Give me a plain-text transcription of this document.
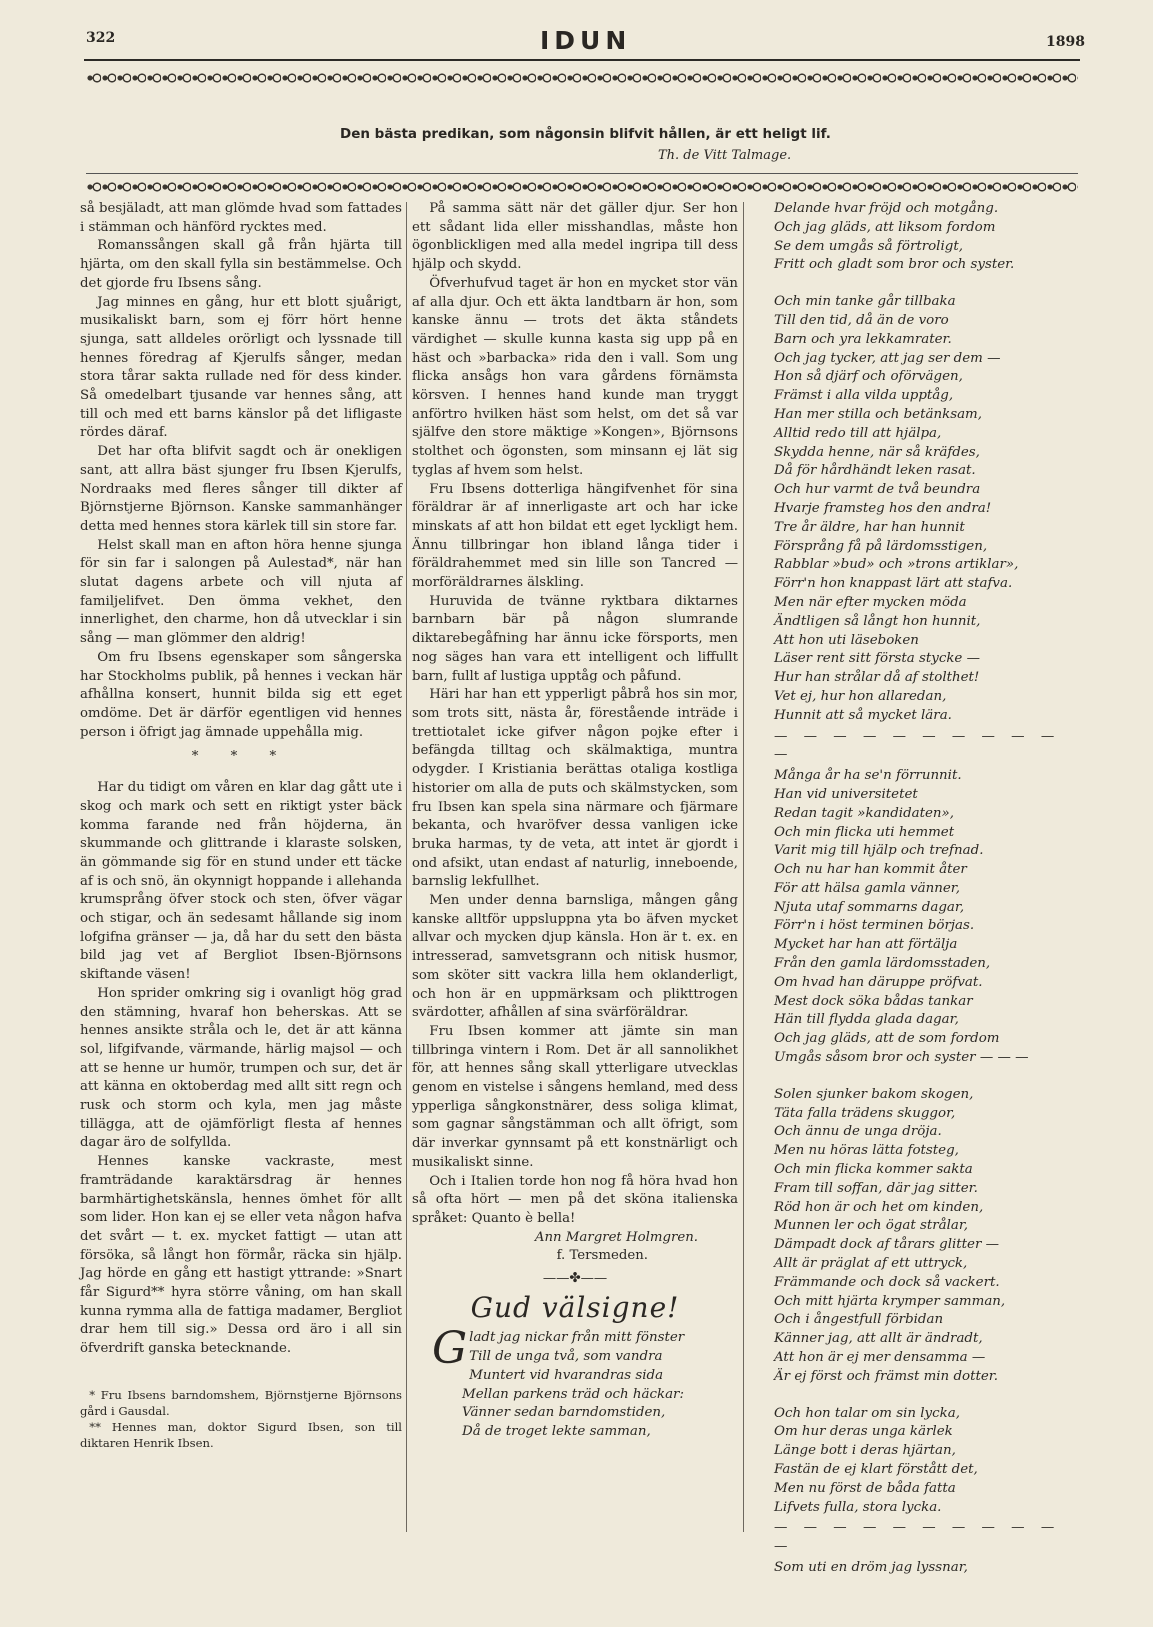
322	IDUN	1898
Den bästa predikan, som någonsin blifvit hållen, är ett heligt lif.
Th. de Vitt Talmage.

så besjäladt, att man glömde hvad som fattades i stämman och hänförd rycktes med.

Romanssången skall gå från hjärta till hjärta, om den skall fylla sin bestämmelse. Och det gjorde fru Ibsens sång.

Jag minnes en gång, hur ett blott sjuårigt, musikaliskt barn, som ej förr hört henne sjunga, satt alldeles orörligt och lyssnade till hennes föredrag af Kjerulfs sånger, medan stora tårar sakta rullade ned för dess kinder. Så omedelbart tjusande var hennes sång, att till och med ett barns känslor på det lifligaste rördes däraf.

Det har ofta blifvit sagdt och är onekligen sant, att allra bäst sjunger fru Ibsen Kjerulfs, Nordraaks med fleres sånger till dikter af Björnstjerne Björnson. Kanske sammanhänger detta med hennes stora kärlek till sin store far.

Helst skall man en afton höra henne sjunga för sin far i salongen på Aulestad*, när han slutat dagens arbete och vill njuta af familjelifvet. Den ömma vekhet, den innerlighet, den charme, hon då utvecklar i sin sång — man glömmer den aldrig!

Om fru Ibsens egenskaper som sångerska har Stockholms publik, på hennes i veckan här afhållna konsert, hunnit bilda sig ett eget omdöme. Det är därför egentligen vid hennes person i öfrigt jag ämnade uppehålla mig.

* * *

Har du tidigt om våren en klar dag gått ute i skog och mark och sett en riktigt yster bäck komma farande ned från höjderna, än skummande och glittrande i klaraste solsken, än gömmande sig för en stund under ett täcke af is och snö, än okynnigt hoppande i allehanda krumsprång öfver stock och sten, öfver vägar och stigar, och än sedesamt hållande sig inom lofgifna gränser — ja, då har du sett den bästa bild jag vet af Bergliot Ibsen-Björnsons skiftande väsen!

Hon sprider omkring sig i ovanligt hög grad den stämning, hvaraf hon beherskas. Att se hennes ansikte stråla och le, det är att känna sol, lifgifvande, värmande, härlig majsol — och att se henne ur humör, trumpen och sur, det är att känna en oktoberdag med allt sitt regn och rusk och storm och kyla, men jag måste tillägga, att de ojämförligt flesta af hennes dagar äro de solfyllda.

Hennes kanske vackraste, mest framträdande karaktärsdrag är hennes barmhärtighetskänsla, hennes ömhet för allt som lider. Hon kan ej se eller veta någon hafva det svårt — t. ex. mycket fattigt — utan att försöka, så långt hon förmår, räcka sin hjälp. Jag hörde en gång ett hastigt yttrande: »Snart får Sigurd** hyra större våning, om han skall kunna rymma alla de fattiga madamer, Bergliot drar hem till sig.» Dessa ord äro i all sin öfverdrift ganska betecknande.

* Fru Ibsens barndomshem, Björnstjerne Björnsons gård i Gausdal.

** Hennes man, doktor Sigurd Ibsen, son till diktaren Henrik Ibsen.

På samma sätt när det gäller djur. Ser hon ett sådant lida eller misshandlas, måste hon ögonblickligen med alla medel ingripa till dess hjälp och skydd.

Öfverhufvud taget är hon en mycket stor vän af alla djur. Och ett äkta landtbarn är hon, som kanske ännu — trots det äkta ståndets värdighet — skulle kunna kasta sig upp på en häst och »barbacka» rida den i vall. Som ung flicka ansågs hon vara gårdens förnämsta körsven. I hennes hand kunde man tryggt anförtro hvilken häst som helst, om det så var själfve den store mäktige »Kongen», Björnsons stolthet och ögonsten, som minsann ej lät sig tyglas af hvem som helst.

Fru Ibsens dotterliga hängifvenhet för sina föräldrar är af innerligaste art och har icke minskats af att hon bildat ett eget lyckligt hem. Ännu tillbringar hon ibland långa tider i föräldrahemmet med sin lille son Tancred — morföräldrarnes älskling.

Huruvida de tvänne ryktbara diktarnes barnbarn bär på någon slumrande diktarebegåfning har ännu icke försports, men nog säges han vara ett intelligent och liffullt barn, fullt af lustiga upptåg och påfund.

Häri har han ett ypperligt påbrå hos sin mor, som trots sitt, nästa år, förestående inträde i trettiotalet icke gifver någon pojke efter i befängda tilltag och skälmaktiga, muntra odygder. I Kristiania berättas otaliga kostliga historier om alla de puts och skälmstycken, som fru Ibsen kan spela sina närmare och fjärmare bekanta, och hvaröfver dessa vanligen icke bruka harmas, ty de veta, att intet är gjordt i ond afsikt, utan endast af naturlig, inneboende, barnslig lekfullhet.

Men under denna barnsliga, mången gång kanske alltför uppsluppna yta bo äfven mycket allvar och mycken djup känsla. Hon är t. ex. en intresserad, samvetsgrann och nitisk husmor, som sköter sitt vackra lilla hem oklanderligt, och hon är en uppmärksam och plikttrogen svärdotter, afhållen af sina svärföräldrar.

Fru Ibsen kommer att jämte sin man tillbringa vintern i Rom. Det är all sannolikhet för, att hennes sång skall ytterligare utvecklas genom en vistelse i sångens hemland, med dess ypperliga sångkonstnärer, dess soliga klimat, som gagnar sångstämman och allt öfrigt, som där inverkar gynnsamt på ett konstnärligt och musikaliskt sinne.

Och i Italien torde hon nog få höra hvad hon så ofta hört — men på det sköna italienska språket: Quanto è bella!

Ann Margret Holmgren.
f. Tersmeden.
——✤——
Gud välsigne!
G ladt jag nickar från mitt fönster
Till de unga två, som vandra
Muntert vid hvarandras sida
Mellan parkens träd och häckar:
Vänner sedan barndomstiden,
Då de troget lekte samman,
Delande hvar fröjd och motgång.
Och jag gläds, att liksom fordom
Se dem umgås så förtroligt,
Fritt och gladt som bror och syster.
Och min tanke går tillbaka
Till den tid, då än de voro
Barn och yra lekkamrater.
Och jag tycker, att jag ser dem —
Hon så djärf och oförvägen,
Främst i alla vilda upptåg,
Han mer stilla och betänksam,
Alltid redo till att hjälpa,
Skydda henne, när så kräfdes,
Då för hårdhändt leken rasat.
Och hur varmt de två beundra
Hvarje framsteg hos den andra!
Tre år äldre, har han hunnit
Försprång få på lärdomsstigen,
Rabblar »bud» och »trons artiklar»,
Förr'n hon knappast lärt att stafva.
Men när efter mycken möda
Ändtligen så långt hon hunnit,
Att hon uti läseboken
Läser rent sitt första stycke —
Hur han strålar då af stolthet!
Vet ej, hur hon allaredan,
Hunnit att så mycket lära.
— — — — — — — — — — —
Många år ha se'n förrunnit.
Han vid universitetet
Redan tagit »kandidaten»,
Och min flicka uti hemmet
Varit mig till hjälp och trefnad.
Och nu har han kommit åter
För att hälsa gamla vänner,
Njuta utaf sommarns dagar,
Förr'n i höst terminen börjas.
Mycket har han att förtälja
Från den gamla lärdomsstaden,
Om hvad han däruppe pröfvat.
Mest dock söka bådas tankar
Hän till flydda glada dagar,
Och jag gläds, att de som fordom
Umgås såsom bror och syster — — —
Solen sjunker bakom skogen,
Täta falla trädens skuggor,
Och ännu de unga dröja.
Men nu höras lätta fotsteg,
Och min flicka kommer sakta
Fram till soffan, där jag sitter.
Röd hon är och het om kinden,
Munnen ler och ögat strålar,
Dämpadt dock af tårars glitter —
Allt är präglat af ett uttryck,
Främmande och dock så vackert.
Och mitt hjärta krymper samman,
Och i ångestfull förbidan
Känner jag, att allt är ändradt,
Att hon är ej mer densamma —
Är ej först och främst min dotter.
Och hon talar om sin lycka,
Om hur deras unga kärlek
Länge bott i deras hjärtan,
Fastän de ej klart förstått det,
Men nu först de båda fatta
Lifvets fulla, stora lycka.
— — — — — — — — — — —
Som uti en dröm jag lyssnar,
